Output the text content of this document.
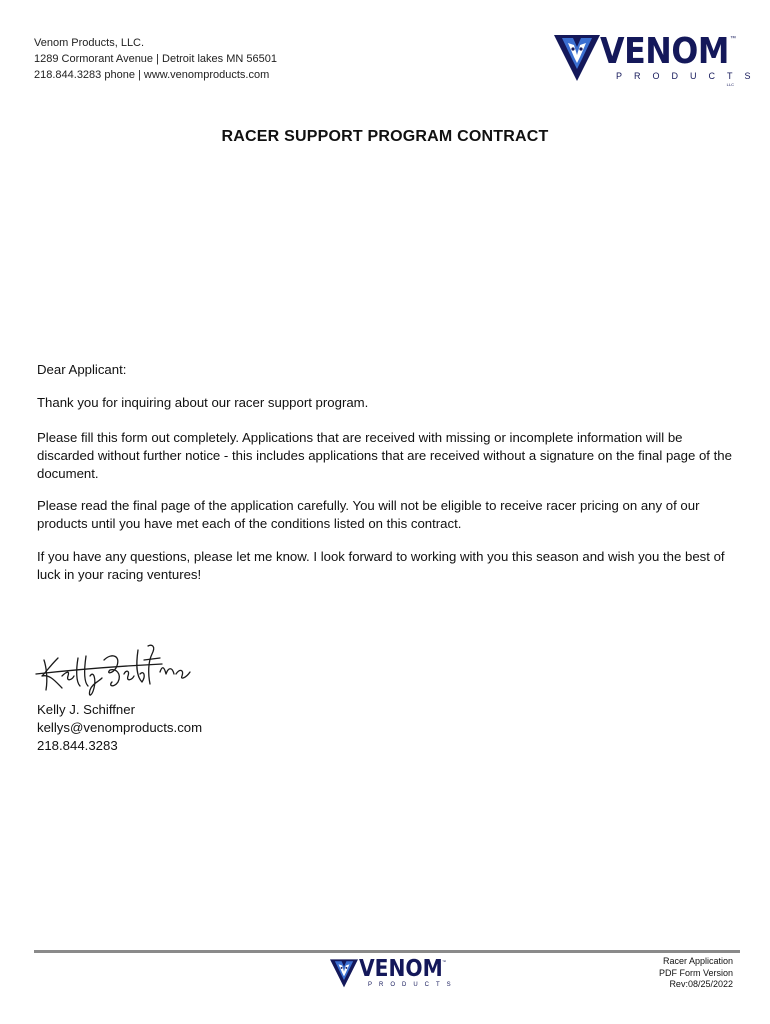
Venom Products, LLC.
1289 Cormorant Avenue | Detroit lakes MN 56501
218.844.3283 phone | www.venomproducts.com
VENOM ™
PRODUCTS
LLC
RACER SUPPORT PROGRAM CONTRACT
Dear Applicant:
Thank you for inquiring about our racer support program.
Please fill this form out completely. Applications that are received with missing or incomplete information will be discarded without further notice - this includes applications that are received without a signature on the final page of the document.
Please read the final page of the application carefully. You will not be eligible to receive racer pricing on any of our products until you have met each of the conditions listed on this contract.
If you have any questions, please let me know. I look forward to working with you this season and wish you the best of luck in your racing ventures!
Kelly J. Schiffner
kellys@venomproducts.com
218.844.3283
VENOM ™
PRODUCTS
Racer Application
PDF Form Version
Rev:08/25/2022
